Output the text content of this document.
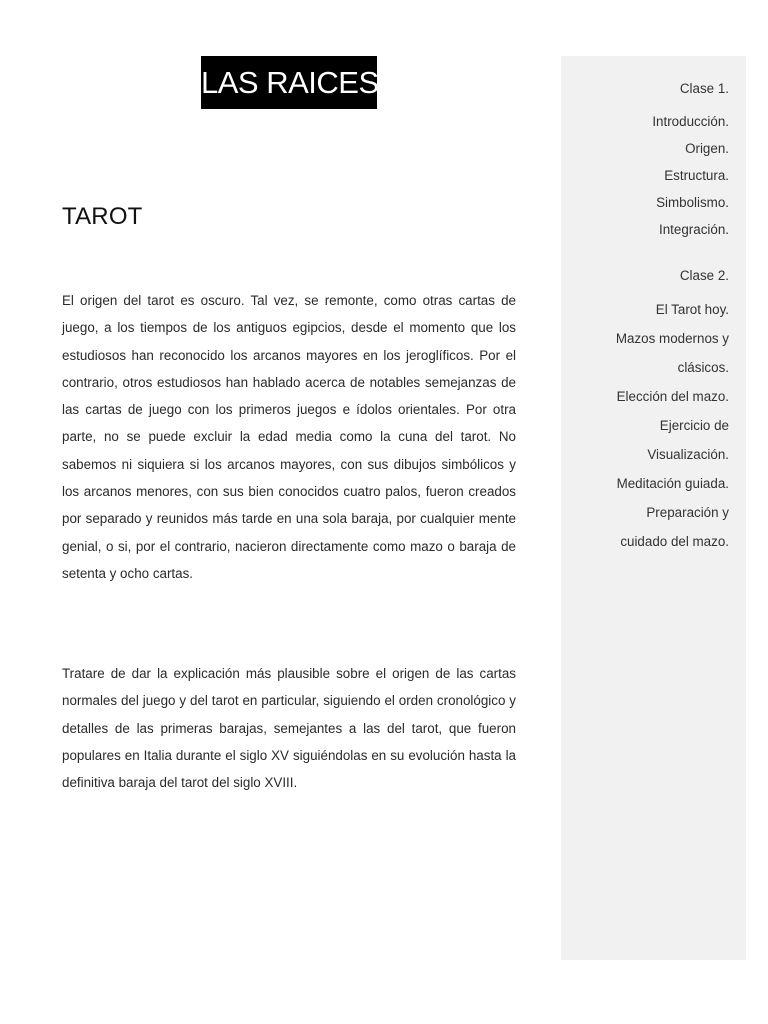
LAS RAICES
TAROT

El origen del tarot es oscuro. Tal vez, se remonte, como otras cartas de juego, a los tiempos de los antiguos egipcios, desde el momento que los estudiosos han reconocido los arcanos mayores en los jeroglíficos. Por el contrario, otros estudiosos han hablado acerca de notables semejanzas de las cartas de juego con los primeros juegos e ídolos orientales. Por otra parte, no se puede excluir la edad media como la cuna del tarot. No sabemos ni siquiera si los arcanos mayores, con sus dibujos simbólicos y los arcanos menores, con sus bien conocidos cuatro palos, fueron creados por separado y reunidos más tarde en una sola baraja, por cualquier mente genial, o si, por el contrario, nacieron directamente como mazo o baraja de setenta y ocho cartas.

Tratare de dar la explicación más plausible sobre el origen de las cartas normales del juego y del tarot en particular, siguiendo el orden cronológico y detalles de las primeras barajas, semejantes a las del tarot, que fueron populares en Italia durante el siglo XV siguiéndolas en su evolución hasta la definitiva baraja del tarot del siglo XVIII.

Clase 1.

Introducción.

Origen.

Estructura.

Simbolismo.

Integración.

Clase 2.

El Tarot hoy.

Mazos modernos y

clásicos.

Elección del mazo.

Ejercicio de

Visualización.

Meditación guiada.

Preparación y

cuidado del mazo.
